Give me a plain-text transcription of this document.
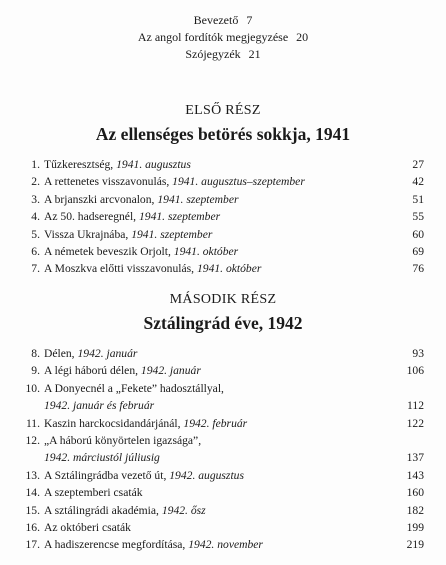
Bevezető 7
Az angol fordítók megjegyzése 20
Szójegyzék 21
ELSŐ RÉSZ
Az ellenséges betörés sokkja, 1941
1. Tűzkeresztség, 1941. augusztus	27
2. A rettenetes visszavonulás, 1941. augusztus–szeptember	42
3. A brjanszki arcvonalon, 1941. szeptember	51
4. Az 50. hadseregnél, 1941. szeptember	55
5. Vissza Ukrajnába, 1941. szeptember	60
6. A németek beveszik Orjolt, 1941. október	69
7. A Moszkva előtti visszavonulás, 1941. október	76
MÁSODIK RÉSZ
Sztálingrád éve, 1942
8. Délen, 1942. január	93
9. A légi háború délen, 1942. január	106
10. A Donyecnél a „Fekete” hadosztállyal,
1942. január és február	112
11. Kaszin harckocsidandárjánál, 1942. február	122
12. „A háború könyörtelen igazsága”,
1942. márciustól júliusig	137
13. A Sztálingrádba vezető út, 1942. augusztus	143
14. A szeptemberi csaták	160
15. A sztálingrádi akadémia, 1942. ősz	182
16. Az októberi csaták	199
17. A hadiszerencse megfordítása, 1942. november	219
